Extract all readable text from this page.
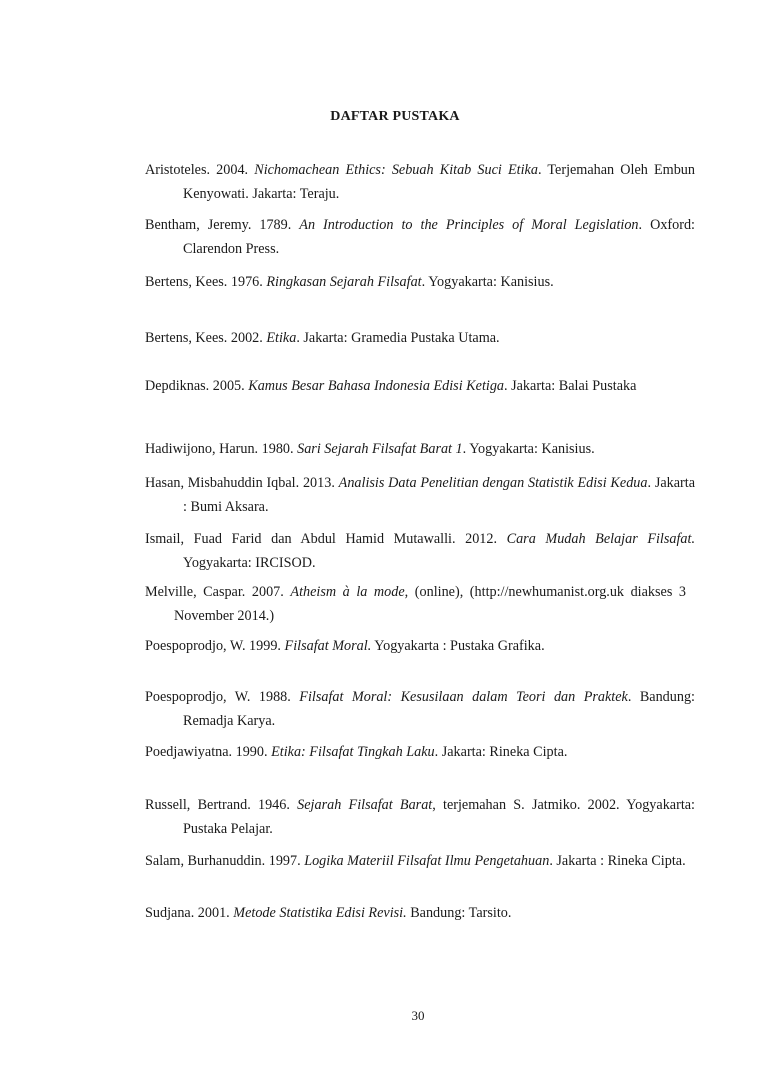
DAFTAR PUSTAKA
Aristoteles. 2004. Nichomachean Ethics: Sebuah Kitab Suci Etika. Terjemahan Oleh Embun Kenyowati. Jakarta: Teraju.
Bentham, Jeremy. 1789. An Introduction to the Principles of Moral Legislation. Oxford: Clarendon Press.
Bertens, Kees. 1976. Ringkasan Sejarah Filsafat. Yogyakarta: Kanisius.
Bertens, Kees. 2002. Etika. Jakarta: Gramedia Pustaka Utama.
Depdiknas. 2005. Kamus Besar Bahasa Indonesia Edisi Ketiga. Jakarta: Balai Pustaka
Hadiwijono, Harun. 1980. Sari Sejarah Filsafat Barat 1. Yogyakarta: Kanisius.
Hasan, Misbahuddin Iqbal. 2013. Analisis Data Penelitian dengan Statistik Edisi Kedua. Jakarta : Bumi Aksara.
Ismail, Fuad Farid dan Abdul Hamid Mutawalli. 2012. Cara Mudah Belajar Filsafat. Yogyakarta: IRCISOD.
Melville, Caspar. 2007. Atheism à la mode, (online), (http://newhumanist.org.uk diakses 3 November 2014.)
Poespoprodjo, W. 1999. Filsafat Moral. Yogyakarta : Pustaka Grafika.
Poespoprodjo, W. 1988. Filsafat Moral: Kesusilaan dalam Teori dan Praktek. Bandung: Remadja Karya.
Poedjawiyatna. 1990. Etika: Filsafat Tingkah Laku. Jakarta: Rineka Cipta.
Russell, Bertrand. 1946. Sejarah Filsafat Barat, terjemahan S. Jatmiko. 2002. Yogyakarta: Pustaka Pelajar.
Salam, Burhanuddin. 1997. Logika Materiil Filsafat Ilmu Pengetahuan. Jakarta : Rineka Cipta.
Sudjana. 2001. Metode Statistika Edisi Revisi. Bandung: Tarsito.
30
